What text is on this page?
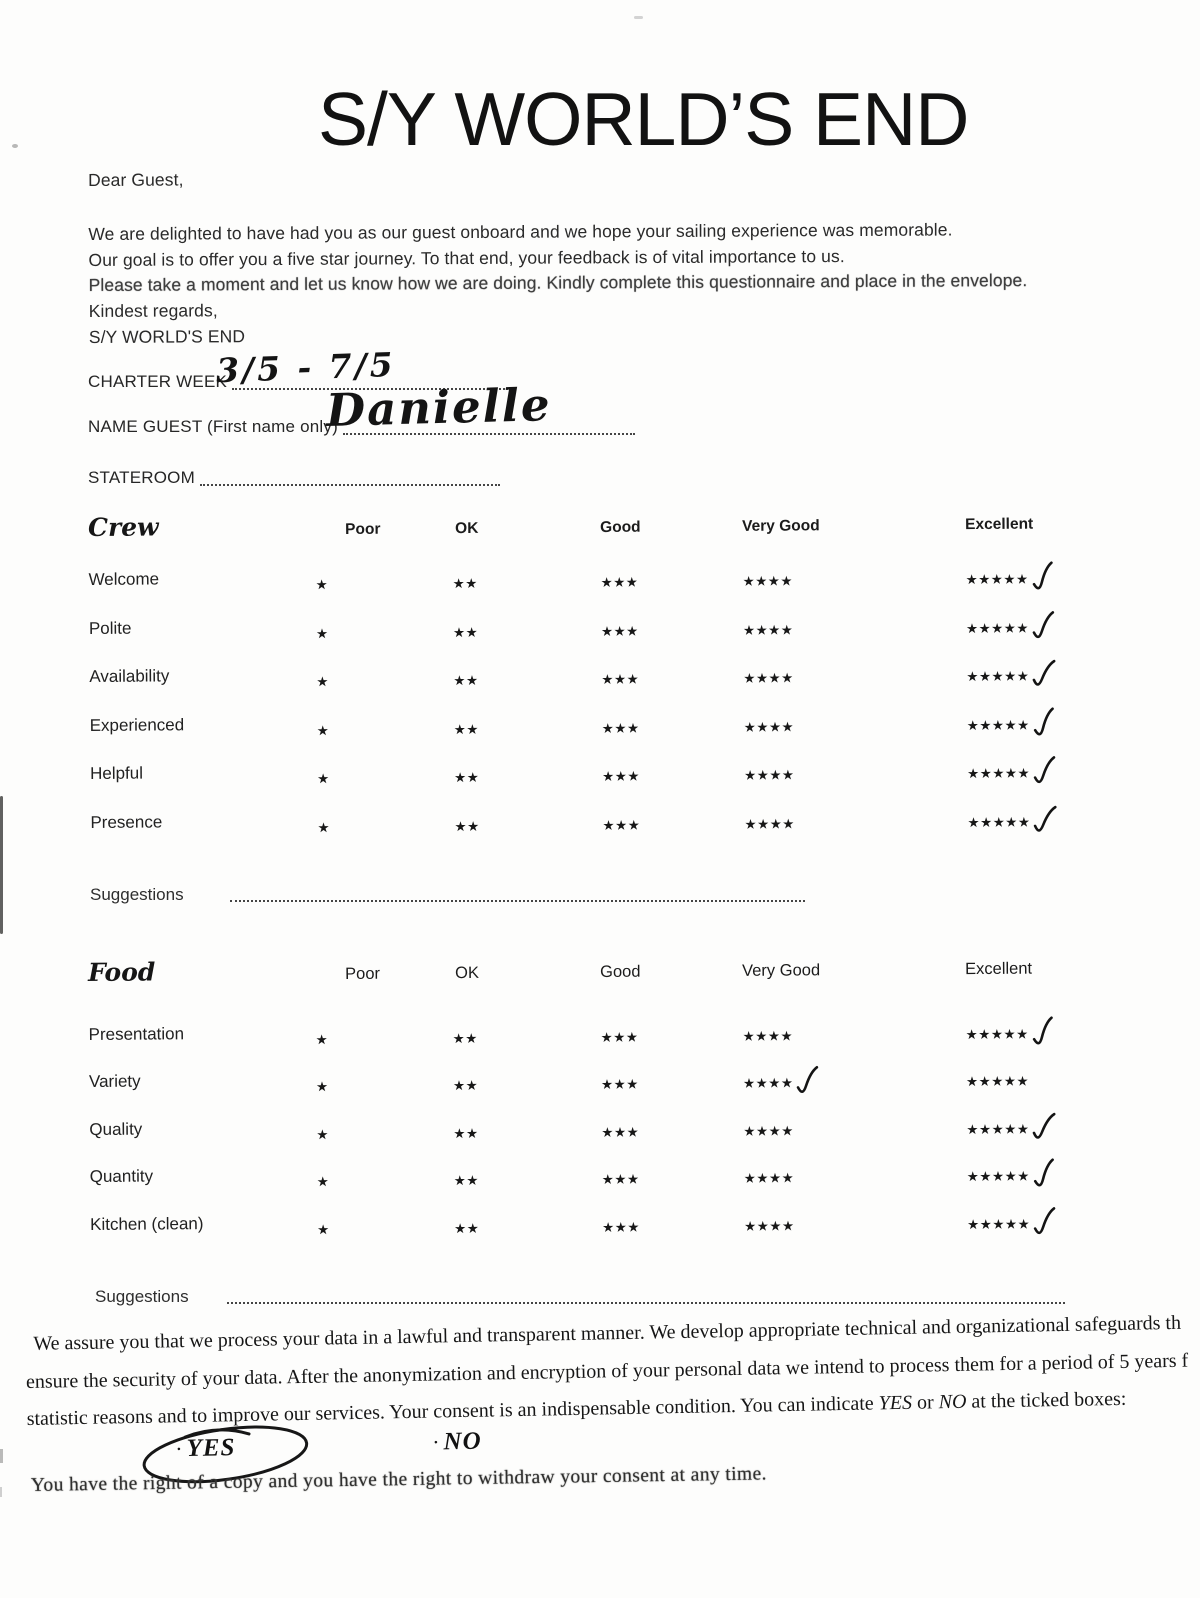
S/Y WORLD’S END

Dear Guest,

We are delighted to have had you as our guest onboard and we hope your sailing experience was memorable.

Our goal is to offer you a five star journey. To that end, your feedback is of vital importance to us.

Please take a moment and let us know how we are doing. Kindly complete this questionnaire and place in the envelope.

Kindest regards,

S/Y WORLD'S END

CHARTER WEEK
3/5 - 7/5
NAME GUEST (First name only)
Danielle
STATEROOM
Crew	Poor	OK	Good	Very Good	Excellent
Welcome	★	★★	★★★	★★★★	★★★★★
Polite	★	★★	★★★	★★★★	★★★★★
Availability	★	★★	★★★	★★★★	★★★★★
Experienced	★	★★	★★★	★★★★	★★★★★
Helpful	★	★★	★★★	★★★★	★★★★★
Presence	★	★★	★★★	★★★★	★★★★★
Suggestions
Food	Poor	OK	Good	Very Good	Excellent
Presentation	★	★★	★★★	★★★★	★★★★★
Variety	★	★★	★★★	★★★★	★★★★★
Quality	★	★★	★★★	★★★★	★★★★★
Quantity	★	★★	★★★	★★★★	★★★★★
Kitchen (clean)	★	★★	★★★	★★★★	★★★★★
Suggestions

We assure you that we process your data in a lawful and transparent manner. We develop appropriate technical and organizational safeguards th

ensure the security of your data. After the anonymization and encryption of your personal data we intend to process them for a period of 5 years f

statistic reasons and to improve our services. Your consent is an indispensable condition. You can indicate YES or NO at the ticked boxes:

· YES	· NO

You have the right of a copy and you have the right to withdraw your consent at any time.
